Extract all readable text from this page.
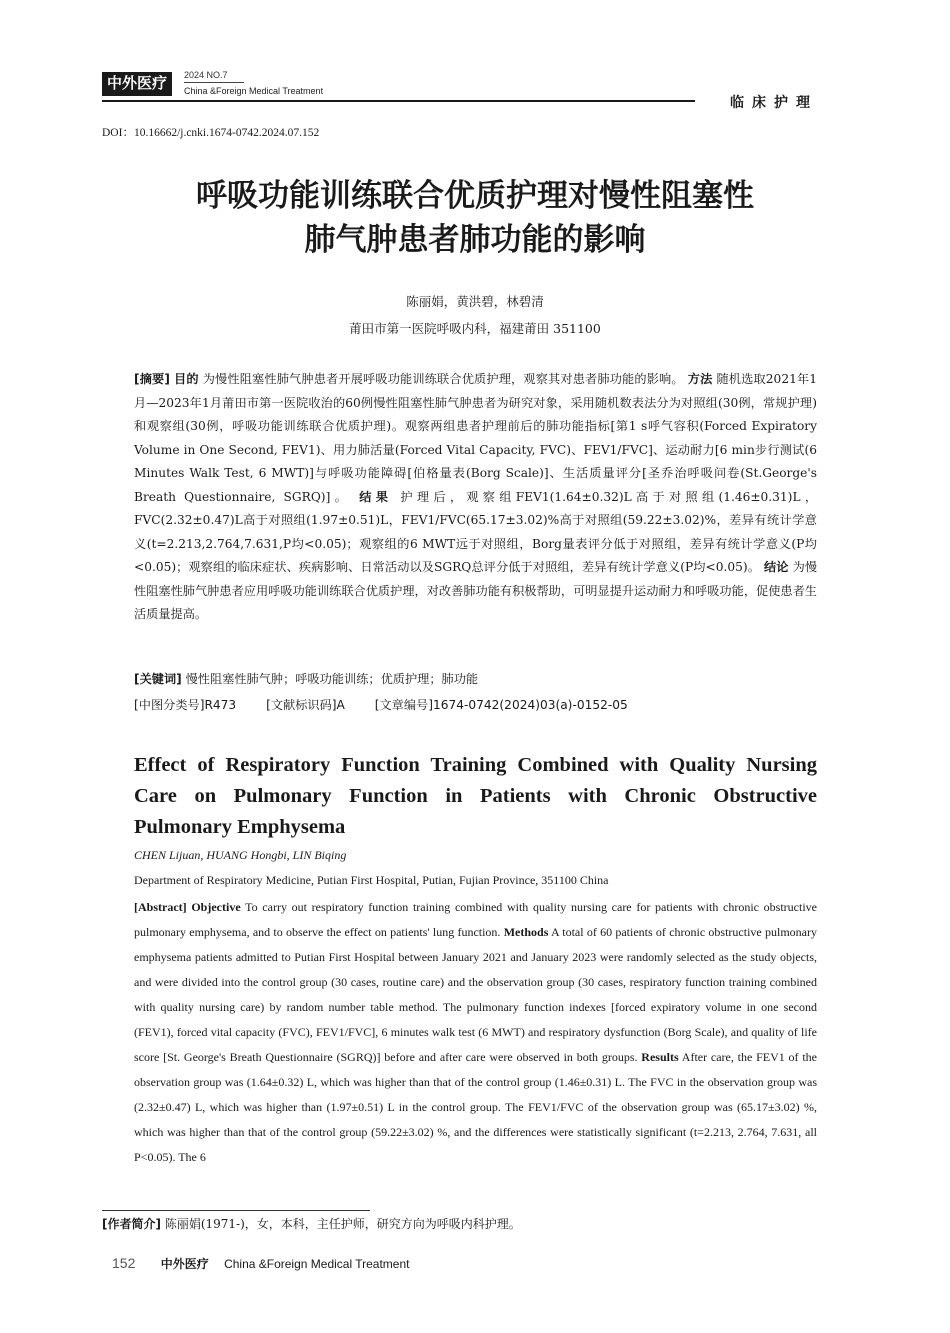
中外医疗	2024 NO.7
China &Foreign Medical Treatment
临床护理
DOI：10.16662/j.cnki.1674-0742.2024.07.152
呼吸功能训练联合优质护理对慢性阻塞性
肺气肿患者肺功能的影响
陈丽娟，黄洪碧，林碧清
莆田市第一医院呼吸内科，福建莆田 351100
[摘要] 目的 为慢性阻塞性肺气肿患者开展呼吸功能训练联合优质护理，观察其对患者肺功能的影响。 方法 随机选取2021年1月—2023年1月莆田市第一医院收治的60例慢性阻塞性肺气肿患者为研究对象，采用随机数表法分为对照组(30例，常规护理)和观察组(30例，呼吸功能训练联合优质护理)。观察两组患者护理前后的肺功能指标[第1 s呼气容积(Forced Expiratory Volume in One Second, FEV1)、用力肺活量(Forced Vital Capacity, FVC)、FEV1/FVC]、运动耐力[6 min步行测试(6 Minutes Walk Test, 6 MWT)]与呼吸功能障碍[伯格量表(Borg Scale)]、生活质量评分[圣乔治呼吸问卷(St.George's Breath Questionnaire, SGRQ)]。 结果 护理后，观察组FEV1(1.64±0.32)L高于对照组(1.46±0.31)L，FVC(2.32±0.47)L高于对照组(1.97±0.51)L，FEV1/FVC(65.17±3.02)%高于对照组(59.22±3.02)%，差异有统计学意义(t=2.213,2.764,7.631,P均<0.05)；观察组的6 MWT远于对照组，Borg量表评分低于对照组，差异有统计学意义(P均<0.05)；观察组的临床症状、疾病影响、日常活动以及SGRQ总评分低于对照组，差异有统计学意义(P均<0.05)。 结论 为慢性阻塞性肺气肿患者应用呼吸功能训练联合优质护理，对改善肺功能有积极帮助，可明显提升运动耐力和呼吸功能，促使患者生活质量提高。
[关键词] 慢性阻塞性肺气肿；呼吸功能训练；优质护理；肺功能
[中图分类号]R473 [文献标识码]A [文章编号]1674-0742(2024)03(a)-0152-05
Effect of Respiratory Function Training Combined with Quality Nursing Care on Pulmonary Function in Patients with Chronic Obstructive Pulmonary Emphysema
CHEN Lijuan, HUANG Hongbi, LIN Biqing
Department of Respiratory Medicine, Putian First Hospital, Putian, Fujian Province, 351100 China
[Abstract] Objective To carry out respiratory function training combined with quality nursing care for patients with chronic obstructive pulmonary emphysema, and to observe the effect on patients' lung function. Methods A total of 60 patients of chronic obstructive pulmonary emphysema patients admitted to Putian First Hospital between January 2021 and January 2023 were randomly selected as the study objects, and were divided into the control group (30 cases, routine care) and the observation group (30 cases, respiratory function training combined with quality nursing care) by random number table method. The pulmonary function indexes [forced expiratory volume in one second (FEV1), forced vital capacity (FVC), FEV1/FVC], 6 minutes walk test (6 MWT) and respiratory dysfunction (Borg Scale), and quality of life score [St. George's Breath Questionnaire (SGRQ)] before and after care were observed in both groups. Results After care, the FEV1 of the observation group was (1.64±0.32) L, which was higher than that of the control group (1.46±0.31) L. The FVC in the observation group was (2.32±0.47) L, which was higher than (1.97±0.51) L in the control group. The FEV1/FVC of the observation group was (65.17±3.02) %, which was higher than that of the control group (59.22±3.02) %, and the differences were statistically significant (t=2.213, 2.764, 7.631, all P<0.05). The 6
[作者简介] 陈丽娟(1971-)，女，本科，主任护师，研究方向为呼吸内科护理。
152 中外医疗 China &Foreign Medical Treatment
